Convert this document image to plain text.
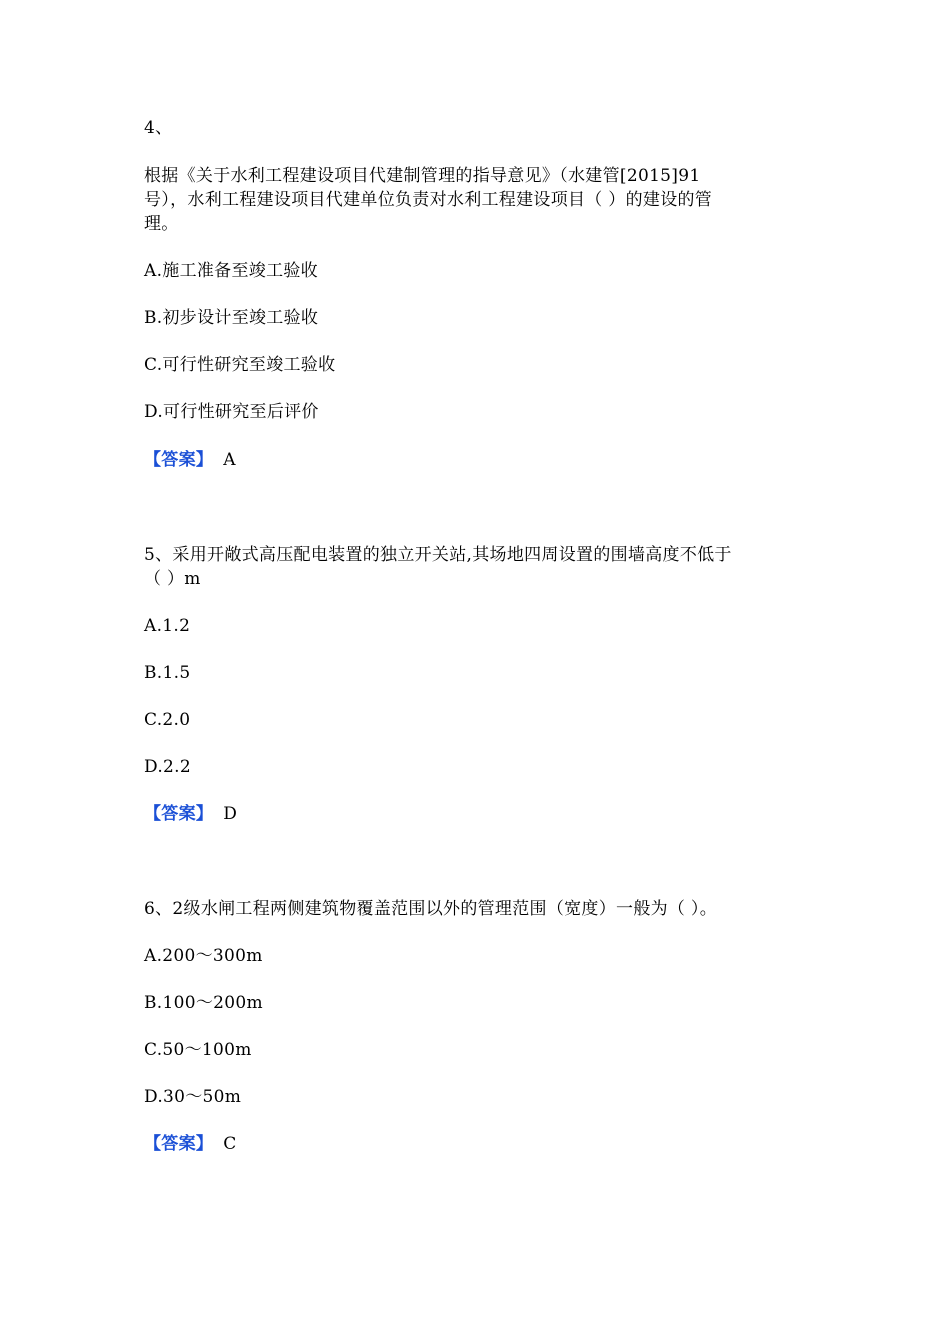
4、
根据《关于水利工程建设项目代建制管理的指导意见》（水建管[2015]91
号），水利工程建设项目代建单位负责对水利工程建设项目（ ）的建设的管
理。
A.施工准备至竣工验收
B.初步设计至竣工验收
C.可行性研究至竣工验收
D.可行性研究至后评价
【答案】 A
5、采用开敞式高压配电装置的独立开关站,其场地四周设置的围墙高度不低于
（ ）m
A.1.2
B.1.5
C.2.0
D.2.2
【答案】 D
6、2级水闸工程两侧建筑物覆盖范围以外的管理范围（宽度）一般为（ ）。
A.200～300m
B.100～200m
C.50～100m
D.30～50m
【答案】 C
